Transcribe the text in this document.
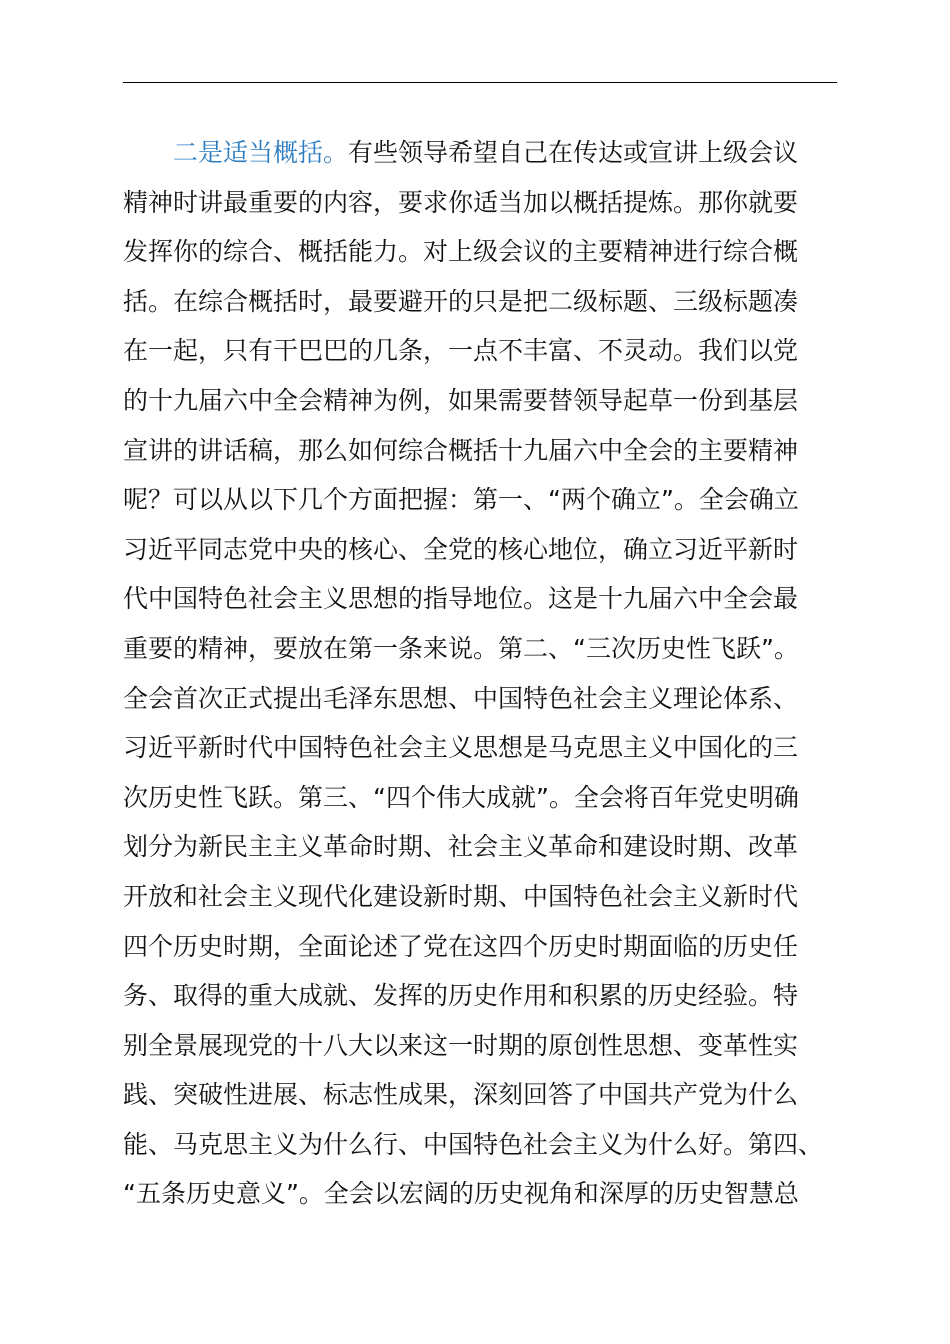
二是适当概括。有些领导希望自己在传达或宣讲上级会议
精神时讲最重要的内容，要求你适当加以概括提炼。那你就要
发挥你的综合、概括能力。对上级会议的主要精神进行综合概
括。在综合概括时，最要避开的只是把二级标题、三级标题凑
在一起，只有干巴巴的几条，一点不丰富、不灵动。我们以党
的十九届六中全会精神为例，如果需要替领导起草一份到基层
宣讲的讲话稿，那么如何综合概括十九届六中全会的主要精神
呢？可以从以下几个方面把握：第一、“两个确立”。全会确立
习近平同志党中央的核心、全党的核心地位，确立习近平新时
代中国特色社会主义思想的指导地位。这是十九届六中全会最
重要的精神，要放在第一条来说。第二、“三次历史性飞跃”。
全会首次正式提出毛泽东思想、中国特色社会主义理论体系、
习近平新时代中国特色社会主义思想是马克思主义中国化的三
次历史性飞跃。第三、“四个伟大成就”。全会将百年党史明确
划分为新民主主义革命时期、社会主义革命和建设时期、改革
开放和社会主义现代化建设新时期、中国特色社会主义新时代
四个历史时期，全面论述了党在这四个历史时期面临的历史任
务、取得的重大成就、发挥的历史作用和积累的历史经验。特
别全景展现党的十八大以来这一时期的原创性思想、变革性实
践、突破性进展、标志性成果，深刻回答了中国共产党为什么
能、马克思主义为什么行、中国特色社会主义为什么好。第四、
“五条历史意义”。全会以宏阔的历史视角和深厚的历史智慧总
